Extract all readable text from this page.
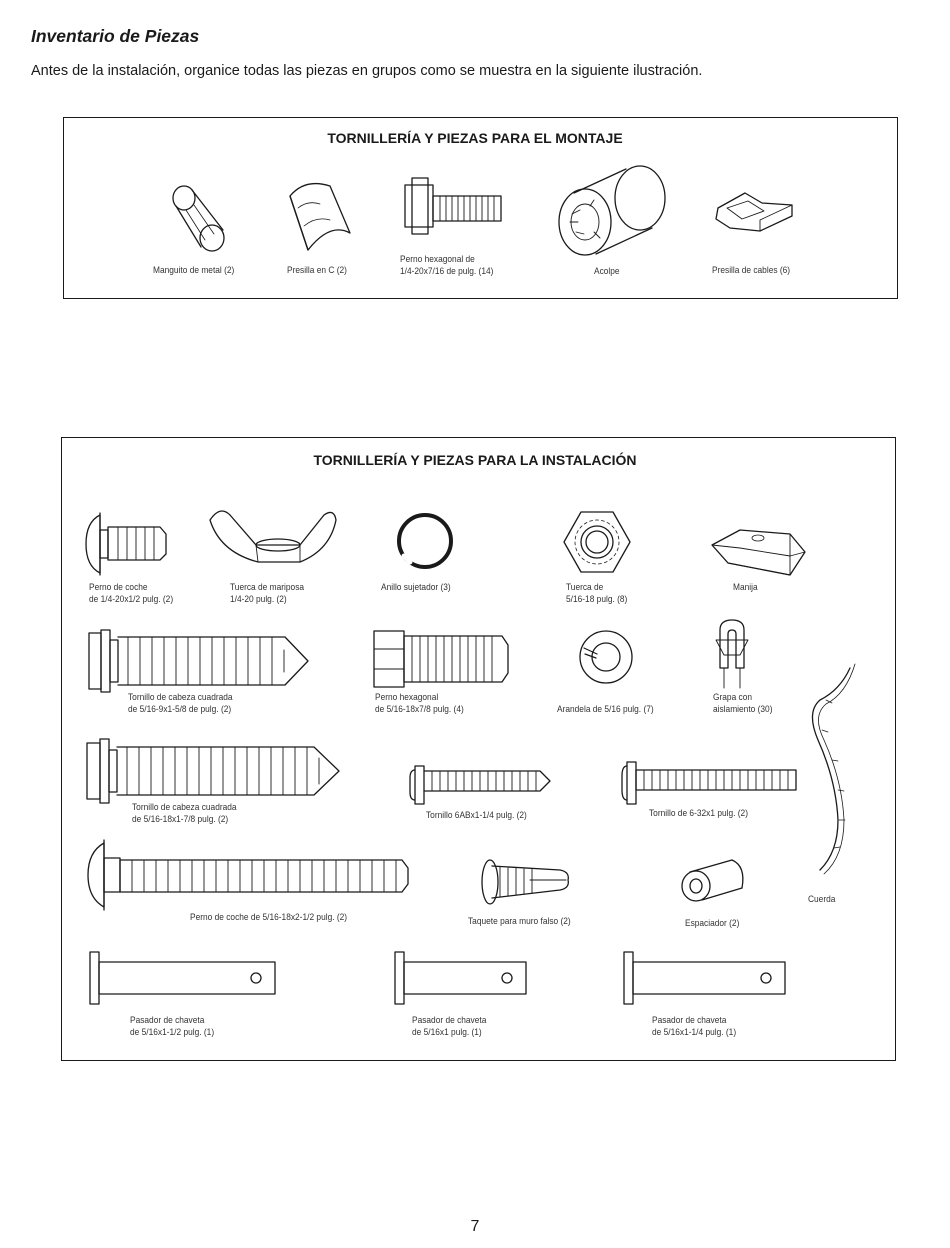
Inventario de Piezas
Antes de la instalación, organice todas las piezas en grupos como se muestra en la siguiente ilustración.
TORNILLERÍA Y PIEZAS PARA EL MONTAJE
TORNILLERÍA Y PIEZAS PARA LA INSTALACIÓN
Manguito de metal (2)	Presilla en C (2)
Perno hexagonal de
1/4-20x7/16 de pulg. (14)	Acolpe	Presilla de cables (6)
Perno de coche
de 1/4-20x1/2 pulg. (2)
Tuerca de mariposa
1/4-20 pulg. (2)
Anillo sujetador (3)	Tuerca de
5/16-18 pulg. (8)
Manija
Tornillo de cabeza cuadrada
de 5/16-9x1-5/8 de pulg. (2)
Perno hexagonal
de 5/16-18x7/8 pulg. (4)	Arandela de 5/16 pulg. (7)
Grapa con
aislamiento (30)
Tornillo de cabeza cuadrada
de 5/16-18x1-7/8 pulg. (2)	Tornillo 6ABx1-1/4 pulg. (2)	Tornillo de 6-32x1 pulg. (2)
Cuerda
Perno de coche de 5/16-18x2-1/2 pulg. (2)	Taquete para muro falso (2)	Espaciador (2)
Pasador de chaveta
de 5/16x1-1/2 pulg. (1)
Pasador de chaveta
de 5/16x1 pulg. (1)
Pasador de chaveta
de 5/16x1-1/4 pulg. (1)
7
